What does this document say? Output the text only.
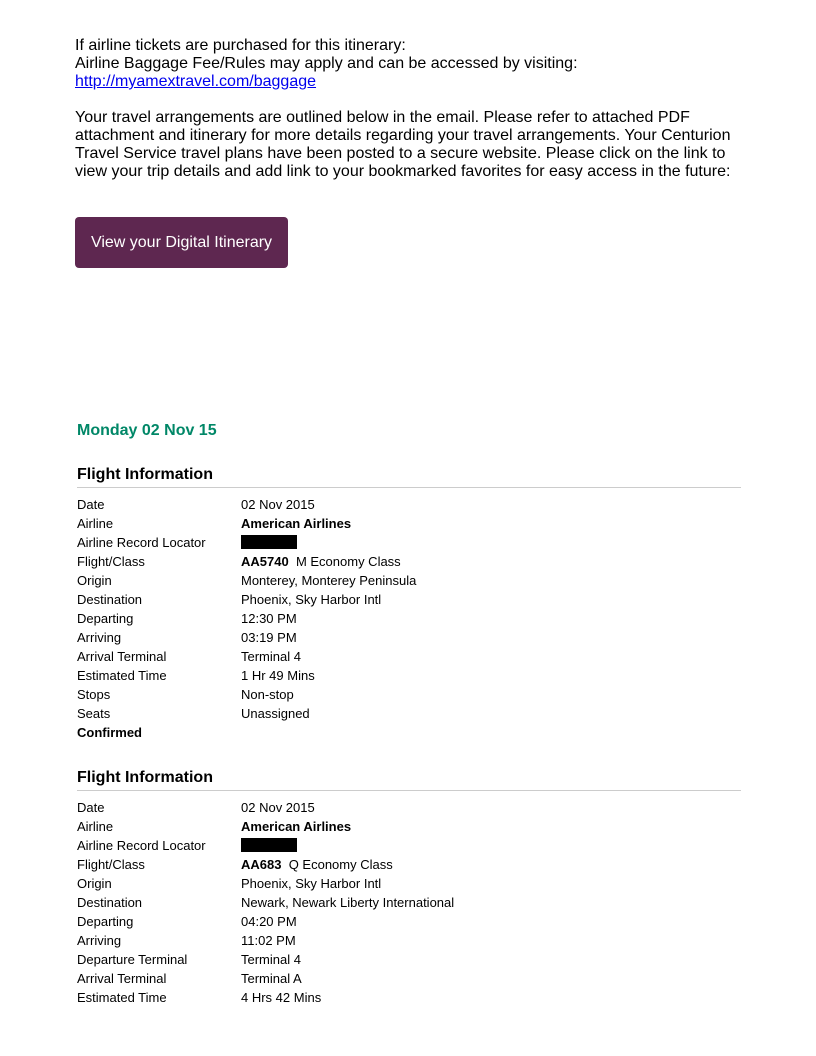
If airline tickets are purchased for this itinerary:

Airline Baggage Fee/Rules may apply and can be accessed by visiting:

http://myamextravel.com/baggage

Your travel arrangements are outlined below in the email. Please refer to attached PDF attachment and itinerary for more details regarding your travel arrangements. Your Centurion Travel Service travel plans have been posted to a secure website. Please click on the link to view your trip details and add link to your bookmarked favorites for easy access in the future:

View your Digital Itinerary
Monday 02 Nov 15
Flight Information
Date	02 Nov 2015
Airline	American Airlines
Airline Record Locator
Flight/Class	AA5740 M Economy Class
Origin	Monterey, Monterey Peninsula
Destination	Phoenix, Sky Harbor Intl
Departing	12:30 PM
Arriving	03:19 PM
Arrival Terminal	Terminal 4
Estimated Time	1 Hr 49 Mins
Stops	Non-stop
Seats	Unassigned
Confirmed
Flight Information
Date	02 Nov 2015
Airline	American Airlines
Airline Record Locator
Flight/Class	AA683 Q Economy Class
Origin	Phoenix, Sky Harbor Intl
Destination	Newark, Newark Liberty International
Departing	04:20 PM
Arriving	11:02 PM
Departure Terminal	Terminal 4
Arrival Terminal	Terminal A
Estimated Time	4 Hrs 42 Mins
